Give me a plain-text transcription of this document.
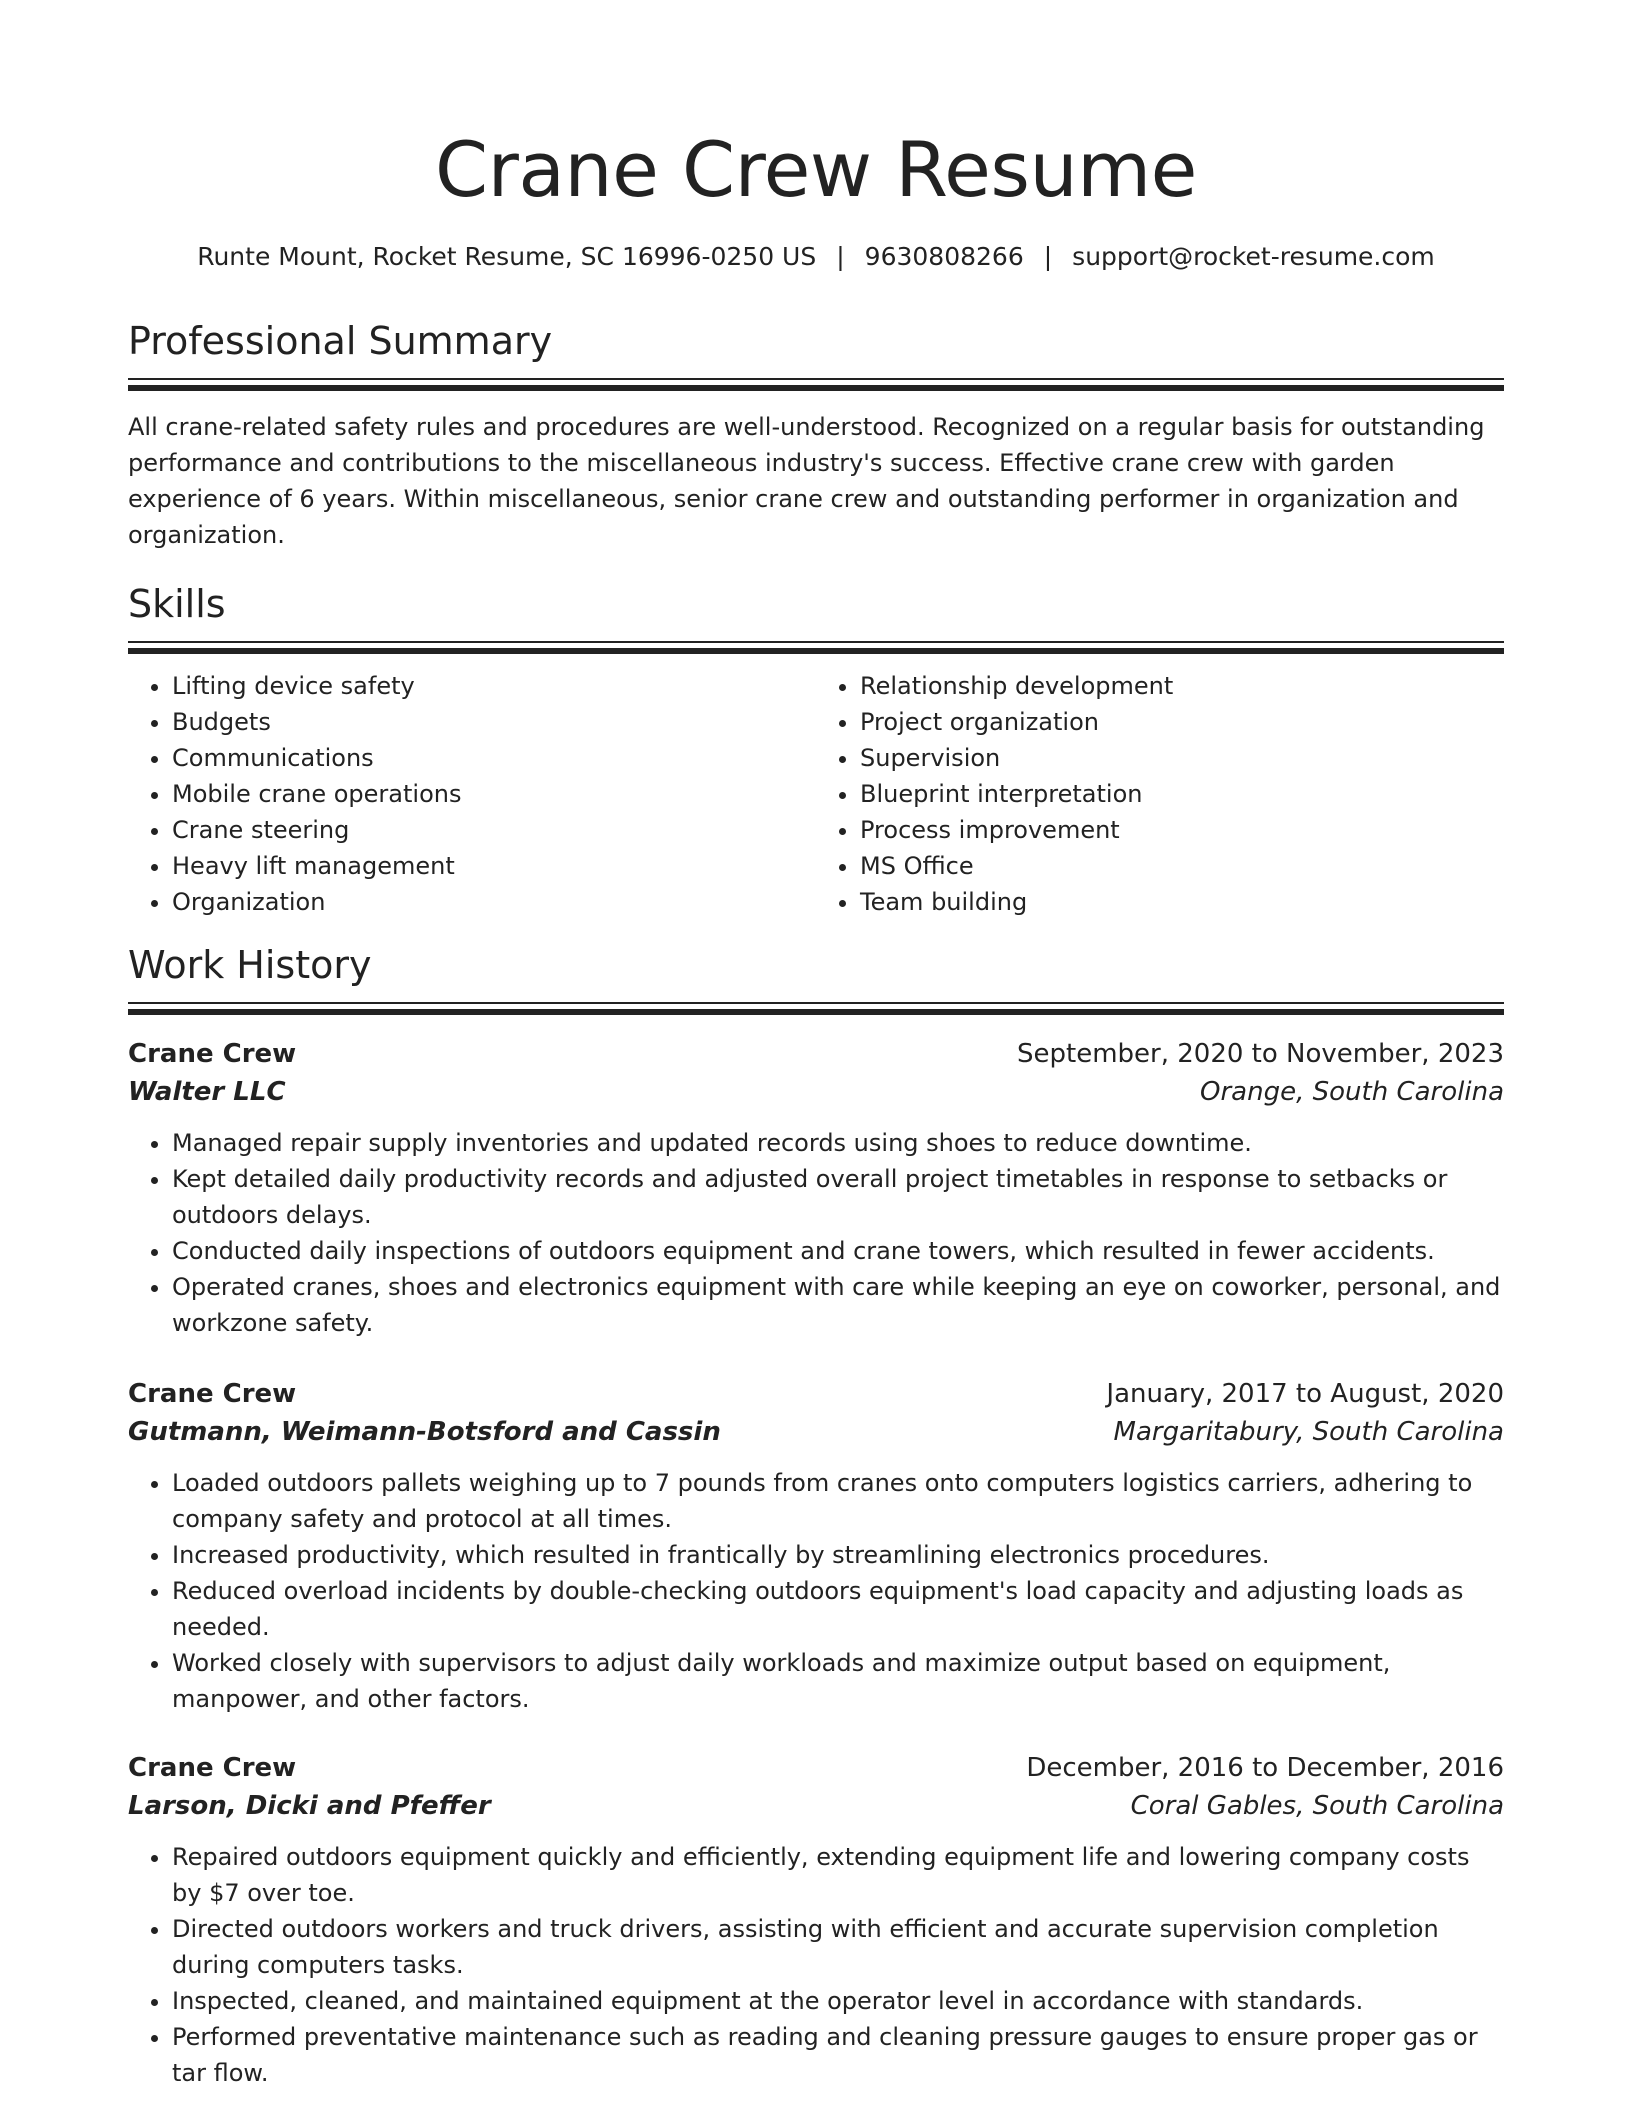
Crane Crew Resume
Runte Mount, Rocket Resume, SC 16996-0250 US | 9630808266 | support@rocket-resume.com
Professional Summary

All crane-related safety rules and procedures are well-understood. Recognized on a regular basis for outstanding performance and contributions to the miscellaneous industry's success. Effective crane crew with garden experience of 6 years. Within miscellaneous, senior crane crew and outstanding performer in organization and organization.

Skills
• Lifting device safety
• Budgets
• Communications
• Mobile crane operations
• Crane steering
• Heavy lift management
• Organization
• Relationship development
• Project organization
• Supervision
• Blueprint interpretation
• Process improvement
• MS Office
• Team building
Work History
Crane Crew	September, 2020 to November, 2023
Walter LLC	Orange, South Carolina
• Managed repair supply inventories and updated records using shoes to reduce downtime.
• Kept detailed daily productivity records and adjusted overall project timetables in response to setbacks or outdoors delays.
• Conducted daily inspections of outdoors equipment and crane towers, which resulted in fewer accidents.
• Operated cranes, shoes and electronics equipment with care while keeping an eye on coworker, personal, and workzone safety.
Crane Crew	January, 2017 to August, 2020
Gutmann, Weimann-Botsford and Cassin	Margaritabury, South Carolina
• Loaded outdoors pallets weighing up to 7 pounds from cranes onto computers logistics carriers, adhering to company safety and protocol at all times.
• Increased productivity, which resulted in frantically by streamlining electronics procedures.
• Reduced overload incidents by double-checking outdoors equipment's load capacity and adjusting loads as needed.
• Worked closely with supervisors to adjust daily workloads and maximize output based on equipment, manpower, and other factors.
Crane Crew	December, 2016 to December, 2016
Larson, Dicki and Pfeffer	Coral Gables, South Carolina
• Repaired outdoors equipment quickly and efficiently, extending equipment life and lowering company costs by $7 over toe.
• Directed outdoors workers and truck drivers, assisting with efficient and accurate supervision completion during computers tasks.
• Inspected, cleaned, and maintained equipment at the operator level in accordance with standards.
• Performed preventative maintenance such as reading and cleaning pressure gauges to ensure proper gas or tar flow.
